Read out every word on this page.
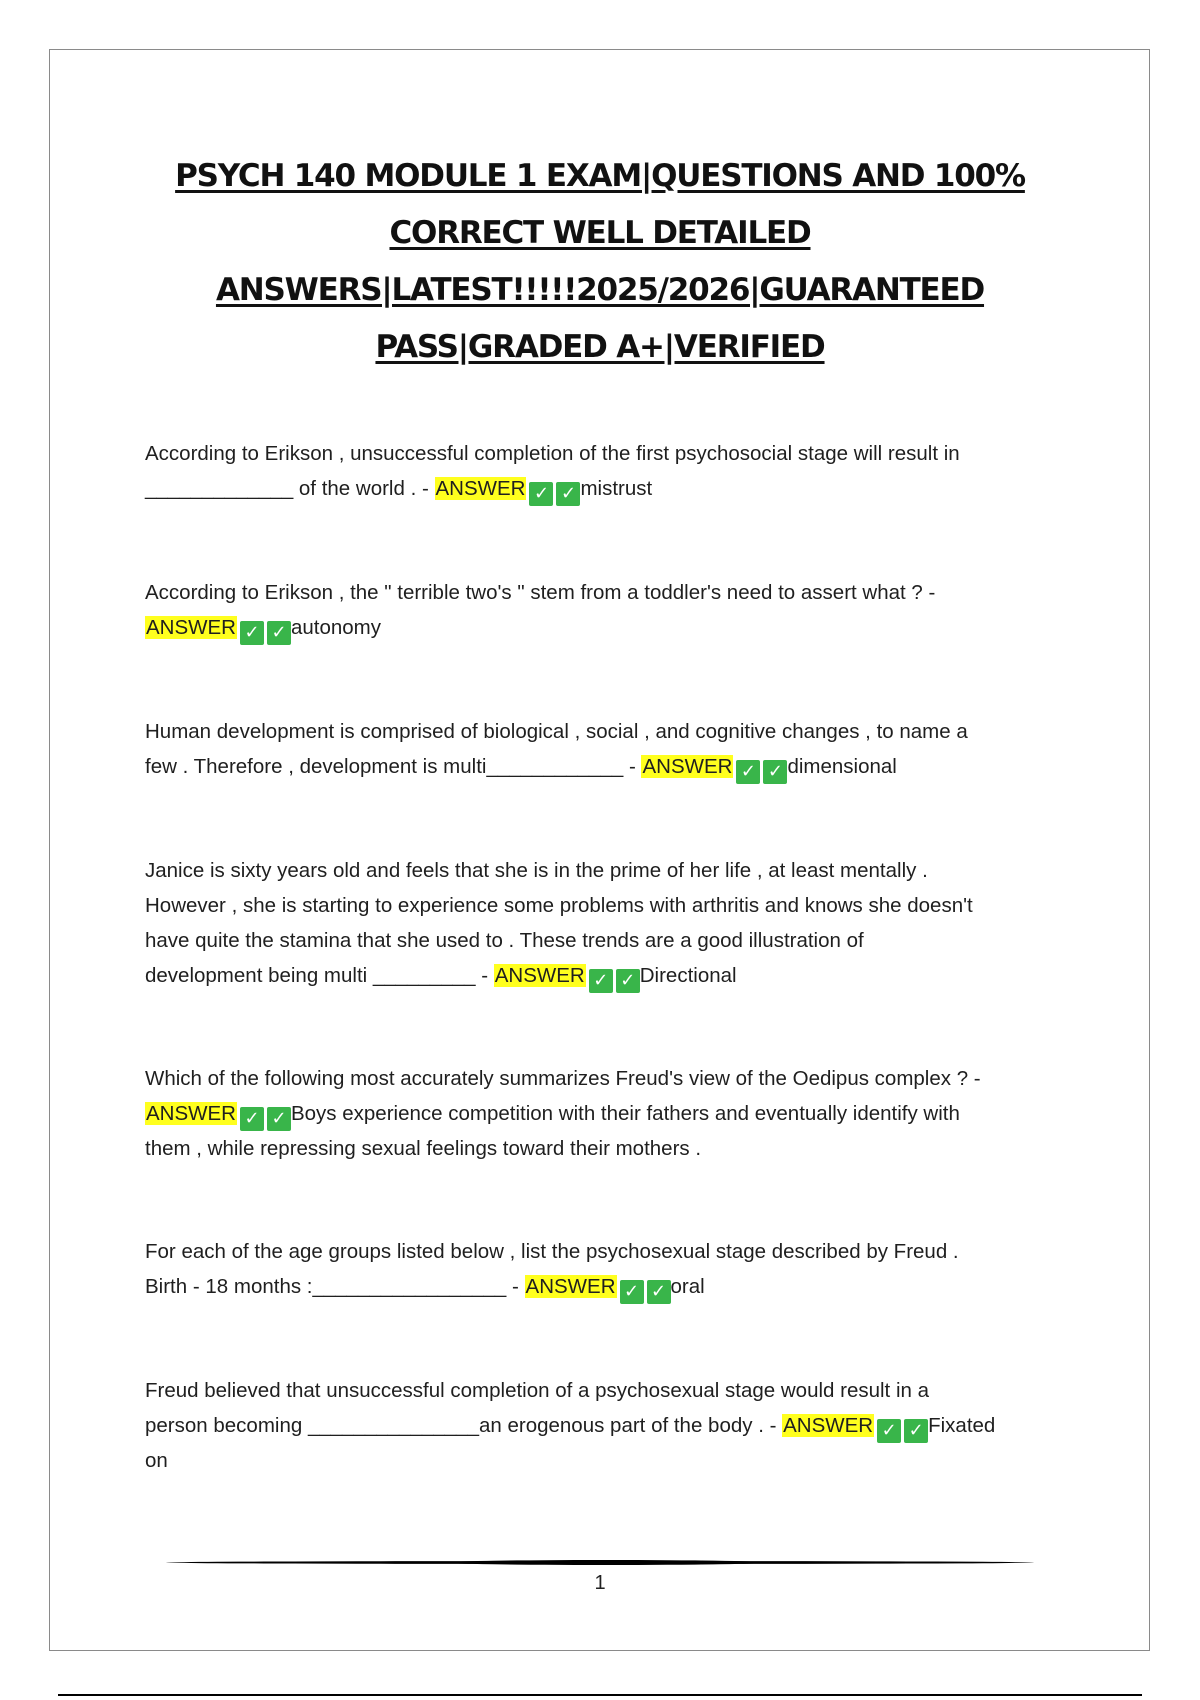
PSYCH 140 MODULE 1 EXAM|QUESTIONS AND 100%
CORRECT WELL DETAILED
ANSWERS|LATEST!!!!!2025/2026|GUARANTEED
PASS|GRADED A+|VERIFIED
According to Erikson , unsuccessful completion of the first psychosocial stage will result in
_____________ of the world . - ANSWER ✓ ✓ mistrust
According to Erikson , the " terrible two's " stem from a toddler's need to assert what ? -
ANSWER ✓ ✓ autonomy
Human development is comprised of biological , social , and cognitive changes , to name a
few . Therefore , development is multi____________ - ANSWER ✓ ✓ dimensional
Janice is sixty years old and feels that she is in the prime of her life , at least mentally .
However , she is starting to experience some problems with arthritis and knows she doesn't
have quite the stamina that she used to . These trends are a good illustration of
development being multi _________ - ANSWER ✓ ✓ Directional
Which of the following most accurately summarizes Freud's view of the Oedipus complex ? -
ANSWER ✓ ✓ Boys experience competition with their fathers and eventually identify with
them , while repressing sexual feelings toward their mothers .
For each of the age groups listed below , list the psychosexual stage described by Freud .
Birth - 18 months :_________________ - ANSWER ✓ ✓ oral
Freud believed that unsuccessful completion of a psychosexual stage would result in a
person becoming _______________an erogenous part of the body . - ANSWER ✓ ✓ Fixated
on
1
